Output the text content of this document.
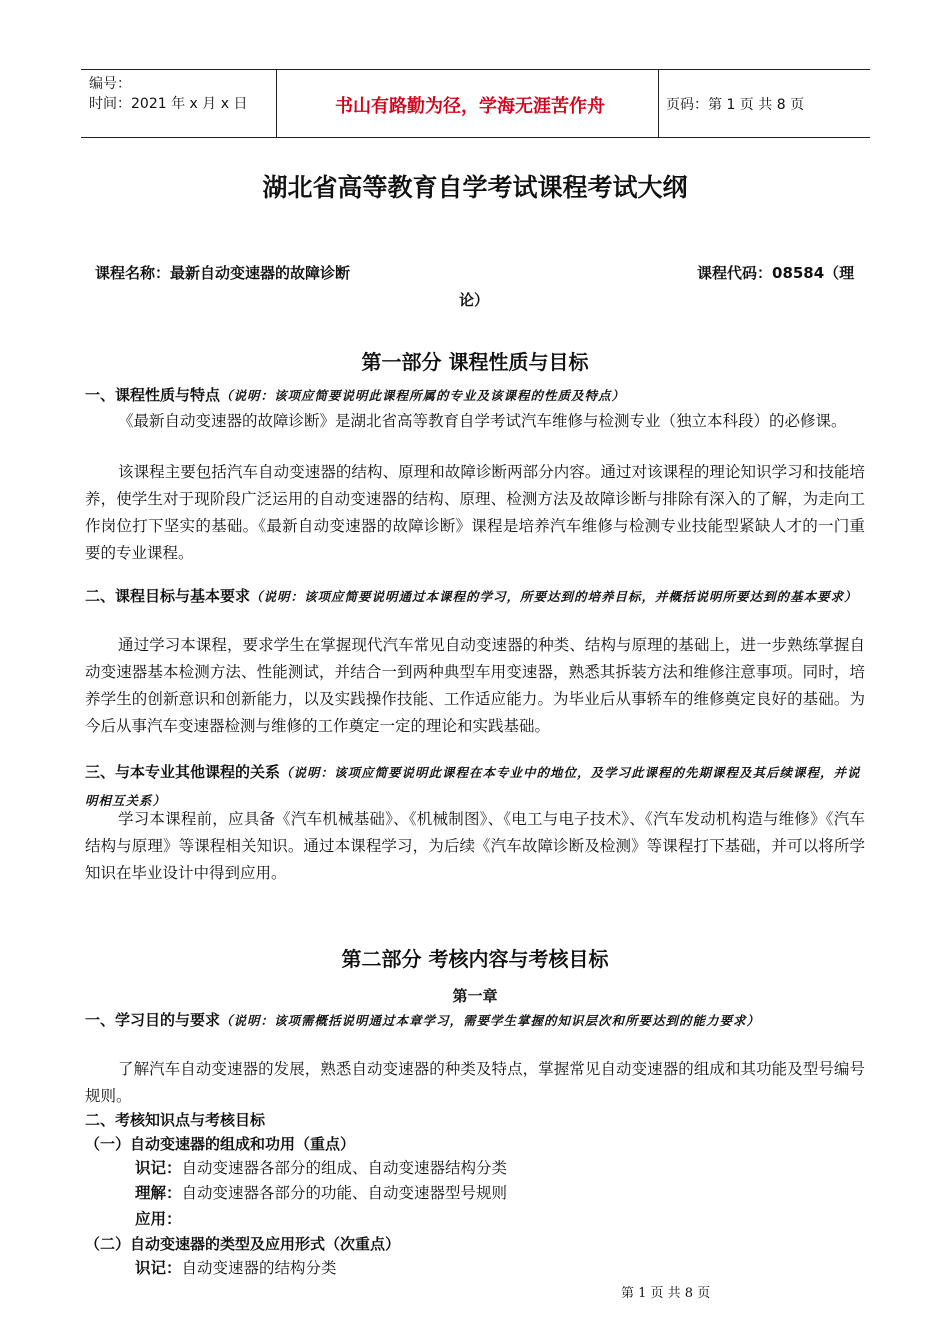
编号：
时间：2021 年 x 月 x 日	书山有路勤为径，学海无涯苦作舟	页码：第 1 页 共 8 页
湖北省高等教育自学考试课程考试大纲
课程名称：最新自动变速器的故障诊断	课程代码：08584（理
论）
第一部分 课程性质与目标
一、课程性质与特点（说明：该项应简要说明此课程所属的专业及该课程的性质及特点）
《最新自动变速器的故障诊断》是湖北省高等教育自学考试汽车维修与检测专业（独立本科段）的必修课。
该课程主要包括汽车自动变速器的结构、原理和故障诊断两部分内容。通过对该课程的理论知识学习和技能培养，使学生对于现阶段广泛运用的自动变速器的结构、原理、检测方法及故障诊断与排除有深入的了解，为走向工作岗位打下坚实的基础。《最新自动变速器的故障诊断》课程是培养汽车维修与检测专业技能型紧缺人才的一门重要的专业课程。
二、课程目标与基本要求（说明：该项应简要说明通过本课程的学习，所要达到的培养目标，并概括说明所要达到的基本要求）
通过学习本课程，要求学生在掌握现代汽车常见自动变速器的种类、结构与原理的基础上，进一步熟练掌握自动变速器基本检测方法、性能测试，并结合一到两种典型车用变速器，熟悉其拆装方法和维修注意事项。同时，培养学生的创新意识和创新能力，以及实践操作技能、工作适应能力。为毕业后从事轿车的维修奠定良好的基础。为今后从事汽车变速器检测与维修的工作奠定一定的理论和实践基础。
三、与本专业其他课程的关系（说明：该项应简要说明此课程在本专业中的地位，及学习此课程的先期课程及其后续课程，并说明相互关系）
学习本课程前，应具备《汽车机械基础》、《机械制图》、《电工与电子技术》、《汽车发动机构造与维修》《汽车结构与原理》等课程相关知识。通过本课程学习，为后续《汽车故障诊断及检测》等课程打下基础，并可以将所学知识在毕业设计中得到应用。
第二部分 考核内容与考核目标
第一章
一、学习目的与要求（说明：该项需概括说明通过本章学习，需要学生掌握的知识层次和所要达到的能力要求）
了解汽车自动变速器的发展，熟悉自动变速器的种类及特点，掌握常见自动变速器的组成和其功能及型号编号规则。
二、考核知识点与考核目标
（一）自动变速器的组成和功用（重点）
识记：自动变速器各部分的组成、自动变速器结构分类
理解：自动变速器各部分的功能、自动变速器型号规则
应用：
（二）自动变速器的类型及应用形式（次重点）
识记：自动变速器的结构分类
第 1 页 共 8 页
